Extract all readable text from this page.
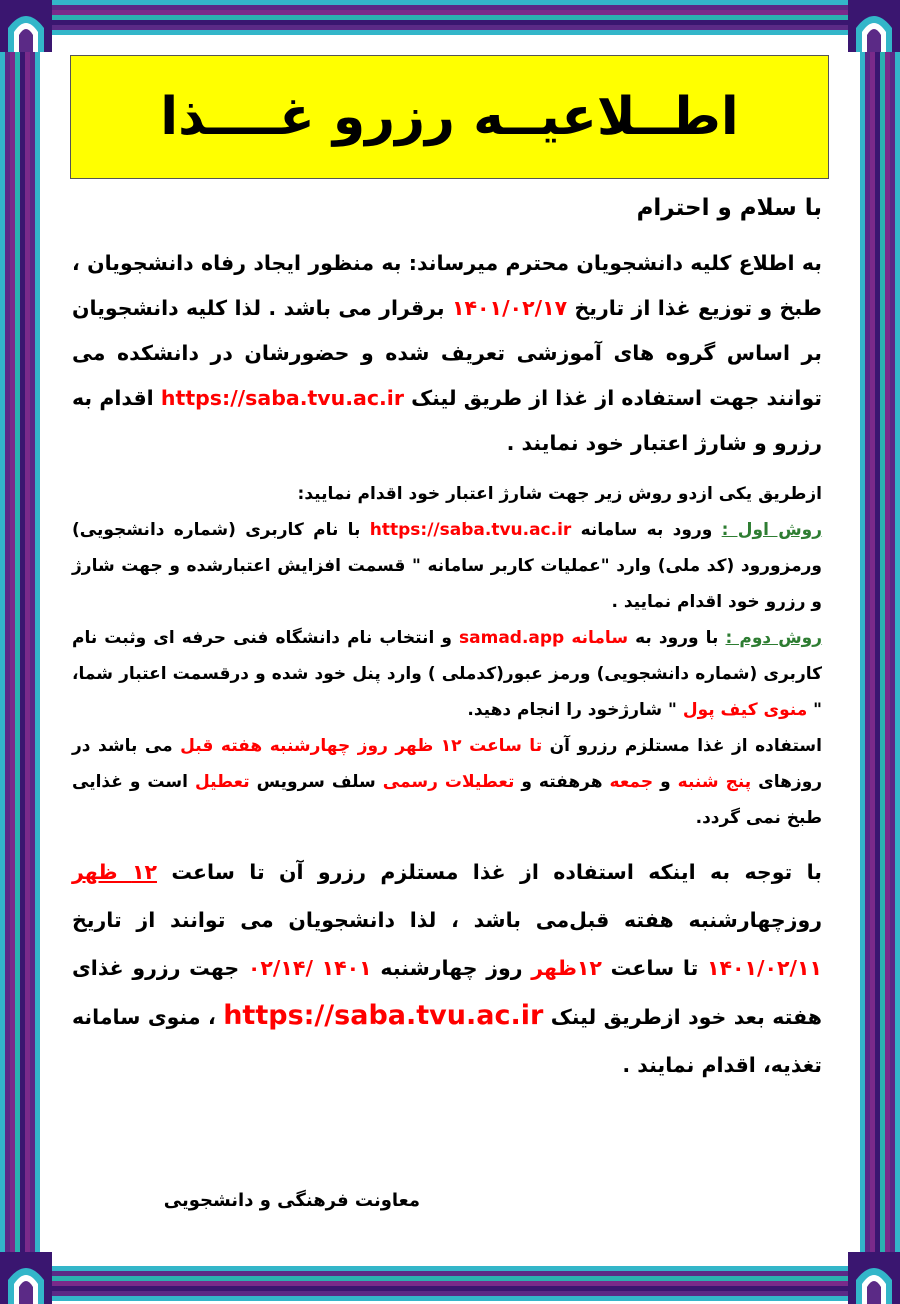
اطــلاعیــه رزرو غــــذا

با سلام و احترام

به اطلاع کلیه دانشجویان محترم میرساند: به منظور ایجاد رفاه دانشجویان ، طبخ و توزیع غذا از تاریخ ۱۴۰۱/۰۲/۱۷ برقرار می باشد . لذا کلیه دانشجویان بر اساس گروه های آموزشی تعریف شده و حضورشان در دانشکده می توانند جهت استفاده از غذا از طریق لینک https://saba.tvu.ac.ir اقدام به رزرو و شارژ اعتبار خود نمایند .

ازطریق یکی ازدو روش زیر جهت شارژ اعتبار خود اقدام نمایید:

روش اول : ورود به سامانه https://saba.tvu.ac.ir با نام کاربری (شماره دانشجویی) ورمزورود (کد ملی) وارد "عملیات کاربر سامانه " قسمت افزایش اعتبارشده و جهت شارژ و رزرو خود اقدام نمایید .

روش دوم : با ورود به سامانه samad.app و انتخاب نام دانشگاه فنی حرفه ای وثبت نام کاربری (شماره دانشجویی) ورمز عبور(کدملی ) وارد پنل خود شده و درقسمت اعتبار شما، " منوی کیف پول " شارژخود را انجام دهید.

استفاده از غذا مستلزم رزرو آن تا ساعت ۱۲ ظهر روز چهارشنبه هفته قبل می باشد در روزهای پنج شنبه و جمعه هرهفته و تعطیلات رسمی سلف سرویس تعطیل است و غذایی طبخ نمی گردد.

با توجه به اینکه استفاده از غذا مستلزم رزرو آن تا ساعت ۱۲ ظهر روزچهارشنبه هفته قبل‌می باشد ، لذا دانشجویان می توانند از تاریخ ۱۴۰۱/۰۲/۱۱ تا ساعت ۱۲ظهر روز چهارشنبه ۱۴۰۱ /۰۲/۱۴ جهت رزرو غذای هفته بعد خود ازطریق لینک https://saba.tvu.ac.ir ، منوی سامانه تغذیه، اقدام نمایند .

معاونت فرهنگی و دانشجویی
